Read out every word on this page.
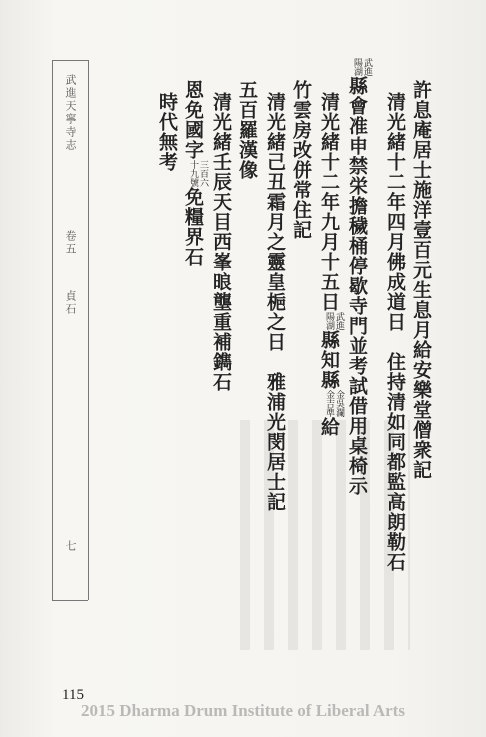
武進天寧寺志
卷五
貞石
七
許息庵居士施洋壹百元生息月給安樂堂僧衆記
清光緒十二年四月佛成道日　住持清如同都監高朗勒石
武進
陽湖縣會准申禁栄擔穢桶停歇寺門並考試借用桌椅示
清光緒十二年九月十五日武進
陽湖縣知縣金吳瀾
金吉準給
竹雲房改併常住記
清光緒己丑霜月之靈皇梔之日　雅浦光閔居士記
五百羅漢像
清光緒壬辰天目西峯㫰壟重補鐫石
恩免國字三百六
十九號免糧界石
時代無考
115
2015 Dharma Drum Institute of Liberal Arts
